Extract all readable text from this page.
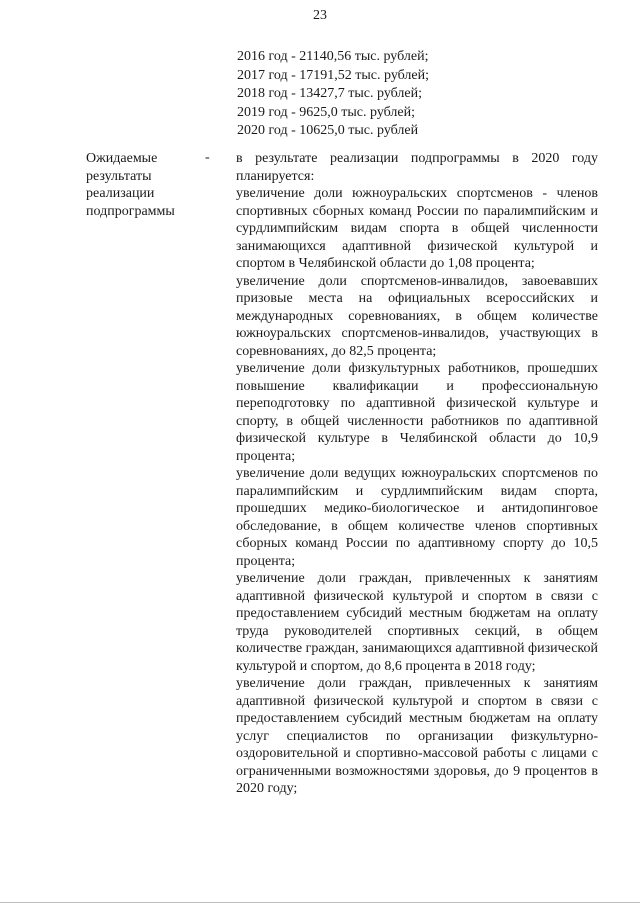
23
2016 год - 21140,56 тыс. рублей;
2017 год - 17191,52 тыс. рублей;
2018 год - 13427,7 тыс. рублей;
2019 год - 9625,0 тыс. рублей;
2020 год - 10625,0 тыс. рублей
Ожидаемые результаты реализации подпрограммы
- в результате реализации подпрограммы в 2020 году планируется:

увеличение доли южноуральских спортсменов - членов спортивных сборных команд России по паралимпийским и сурдлимпийским видам спорта в общей численности занимающихся адаптивной физической культурой и спортом в Челябинской области до 1,08 процента;

увеличение доли спортсменов-инвалидов, завоевавших призовые места на официальных всероссийских и международных соревнованиях, в общем количестве южноуральских спортсменов-инвалидов, участвующих в соревнованиях, до 82,5 процента;

увеличение доли физкультурных работников, прошедших повышение квалификации и профессиональную переподготовку по адаптивной физической культуре и спорту, в общей численности работников по адаптивной физической культуре в Челябинской области до 10,9 процента;

увеличение доли ведущих южноуральских спортсменов по паралимпийским и сурдлимпийским видам спорта, прошедших медико-биологическое и антидопинговое обследование, в общем количестве членов спортивных сборных команд России по адаптивному спорту до 10,5 процента;

увеличение доли граждан, привлеченных к занятиям адаптивной физической культурой и спортом в связи с предоставлением субсидий местным бюджетам на оплату труда руководителей спортивных секций, в общем количестве граждан, занимающихся адаптивной физической культурой и спортом, до 8,6 процента в 2018 году;

увеличение доли граждан, привлеченных к занятиям адаптивной физической культурой и спортом в связи с предоставлением субсидий местным бюджетам на оплату услуг специалистов по организации физкультурно-оздоровительной и спортивно-массовой работы с лицами с ограниченными возможностями здоровья, до 9 процентов в 2020 году;
